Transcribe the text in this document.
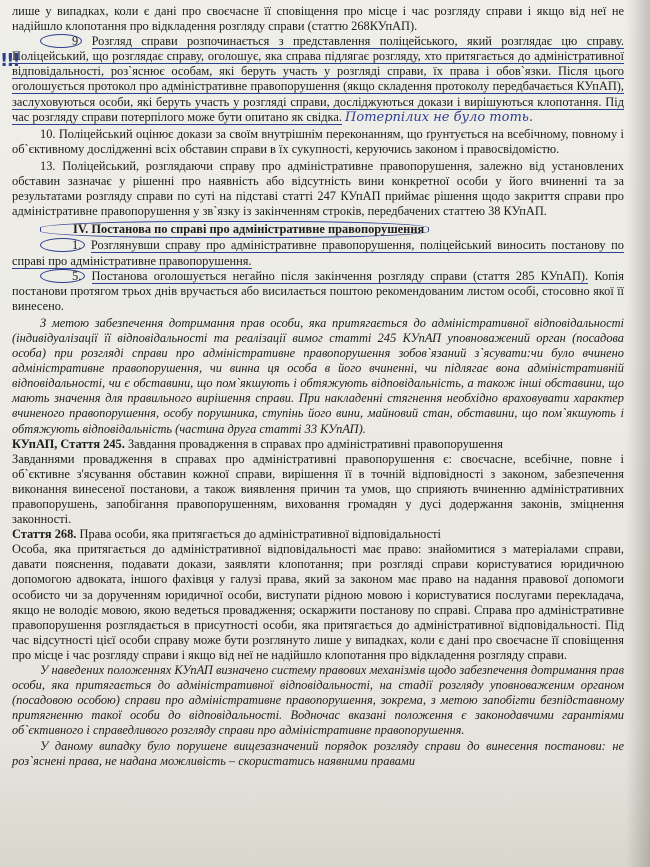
!!!

лише у випадках, коли є дані про своєчасне її сповіщення про місце і час розгляду справи і якщо від неї не надійшло клопотання про відкладення розгляду справи (статтю 268КУпАП).

9 Розгляд справи розпочинається з представлення поліцейського, який розглядає цю справу. Поліцейський, що розглядає справу, оголошує, яка справа підлягає розгляду, хто притягається до адміністративної відповідальності, роз`яснює особам, які беруть участь у розгляді справи, їх права і обов`язки. Після цього оголошується протокол про адміністративне правопорушення (якщо складення протоколу передбачається КУпАП), заслуховуються особи, які беруть участь у розгляді справи, досліджуються докази і вирішуються клопотання. Під час розгляду справи потерпілого може бути опитано як свідка. Потерпілих не було тоть.

10. Поліцейський оцінює докази за своїм внутрішнім переконанням, що ґрунтується на всебічному, повному і об`єктивному дослідженні всіх обставин справи в їх сукупності, керуючись законом і правосвідомістю.

13. Поліцейський, розглядаючи справу про адміністративне правопорушення, залежно від установлених обставин зазначає у рішенні про наявність або відсутність вини конкретної особи у його вчиненні та за результатами розгляду справи по суті на підставі статті 247 КУпАП приймає рішення щодо закриття справи про адміністративне правопорушення у зв`язку із закінченням строків, передбачених статтею 38 КУпАП.

IV. Постанова по справі про адміністративне правопорушення

1. Розглянувши справу про адміністративне правопорушення, поліцейський виносить постанову по справі про адміністративне правопорушення.

5. Постанова оголошується негайно після закінчення розгляду справи (стаття 285 КУпАП). Копія постанови протягом трьох днів вручається або висилається поштою рекомендованим листом особі, стосовно якої її винесено.

З метою забезпечення дотримання прав особи, яка притягається до адміністративної відповідальності (індивідуалізації її відповідальності та реалізації вимог статті 245 КУпАП уповноважений орган (посадова особа) при розгляді справи про адміністративне правопорушення зобов`язаний з`ясувати:чи було вчинено адміністративне правопорушення, чи винна ця особа в його вчиненні, чи підлягає вона адміністративній відповідальності, чи є обставини, що пом`якшують і обтяжують відповідальність, а також інші обставини, що мають значення для правильного вирішення справи. При накладенні стягнення необхідно враховувати характер вчиненого правопорушення, особу порушника, ступінь його вини, майновий стан, обставини, що пом`якшують і обтяжують відповідальність (частина друга статті 33 КУпАП).

КУпАП, Стаття 245. Завдання провадження в справах про адміністративні правопорушення

Завданнями провадження в справах про адміністративні правопорушення є: своєчасне, всебічне, повне і об`єктивне з'ясування обставин кожної справи, вирішення її в точній відповідності з законом, забезпечення виконання винесеної постанови, а також виявлення причин та умов, що сприяють вчиненню адміністративних правопорушень, запобігання правопорушенням, виховання громадян у дусі додержання законів, зміцнення законності.

Стаття 268. Права особи, яка притягається до адміністративної відповідальності

Особа, яка притягається до адміністративної відповідальності має право: знайомитися з матеріалами справи, давати пояснення, подавати докази, заявляти клопотання; при розгляді справи користуватися юридичною допомогою адвоката, іншого фахівця у галузі права, який за законом має право на надання правової допомоги особисто чи за дорученням юридичної особи, виступати рідною мовою і користуватися послугами перекладача, якщо не володіє мовою, якою ведеться провадження; оскаржити постанову по справі. Справа про адміністративне правопорушення розглядається в присутності особи, яка притягається до адміністративної відповідальності. Під час відсутності цієї особи справу може бути розглянуто лише у випадках, коли є дані про своєчасне її сповіщення про місце і час розгляду справи і якщо від неї не надійшло клопотання про відкладення розгляду справи.

У наведених положеннях КУпАП визначено систему правових механізмів щодо забезпечення дотримання прав особи, яка притягається до адміністративної відповідальності, на стадії розгляду уповноваженим органом (посадовою особою) справи про адміністративне правопорушення, зокрема, з метою запобігти безпідставному притягненню такої особи до відповідальності. Водночас вказані положення є законодавчими гарантіями об`єктивного і справедливого розгляду справи про адміністративне правопорушення.

У даному випадку було порушене вищезазначений порядок розгляду справи до винесення постанови: не роз`яснені права, не надана можливість – скористатись наявними правами
